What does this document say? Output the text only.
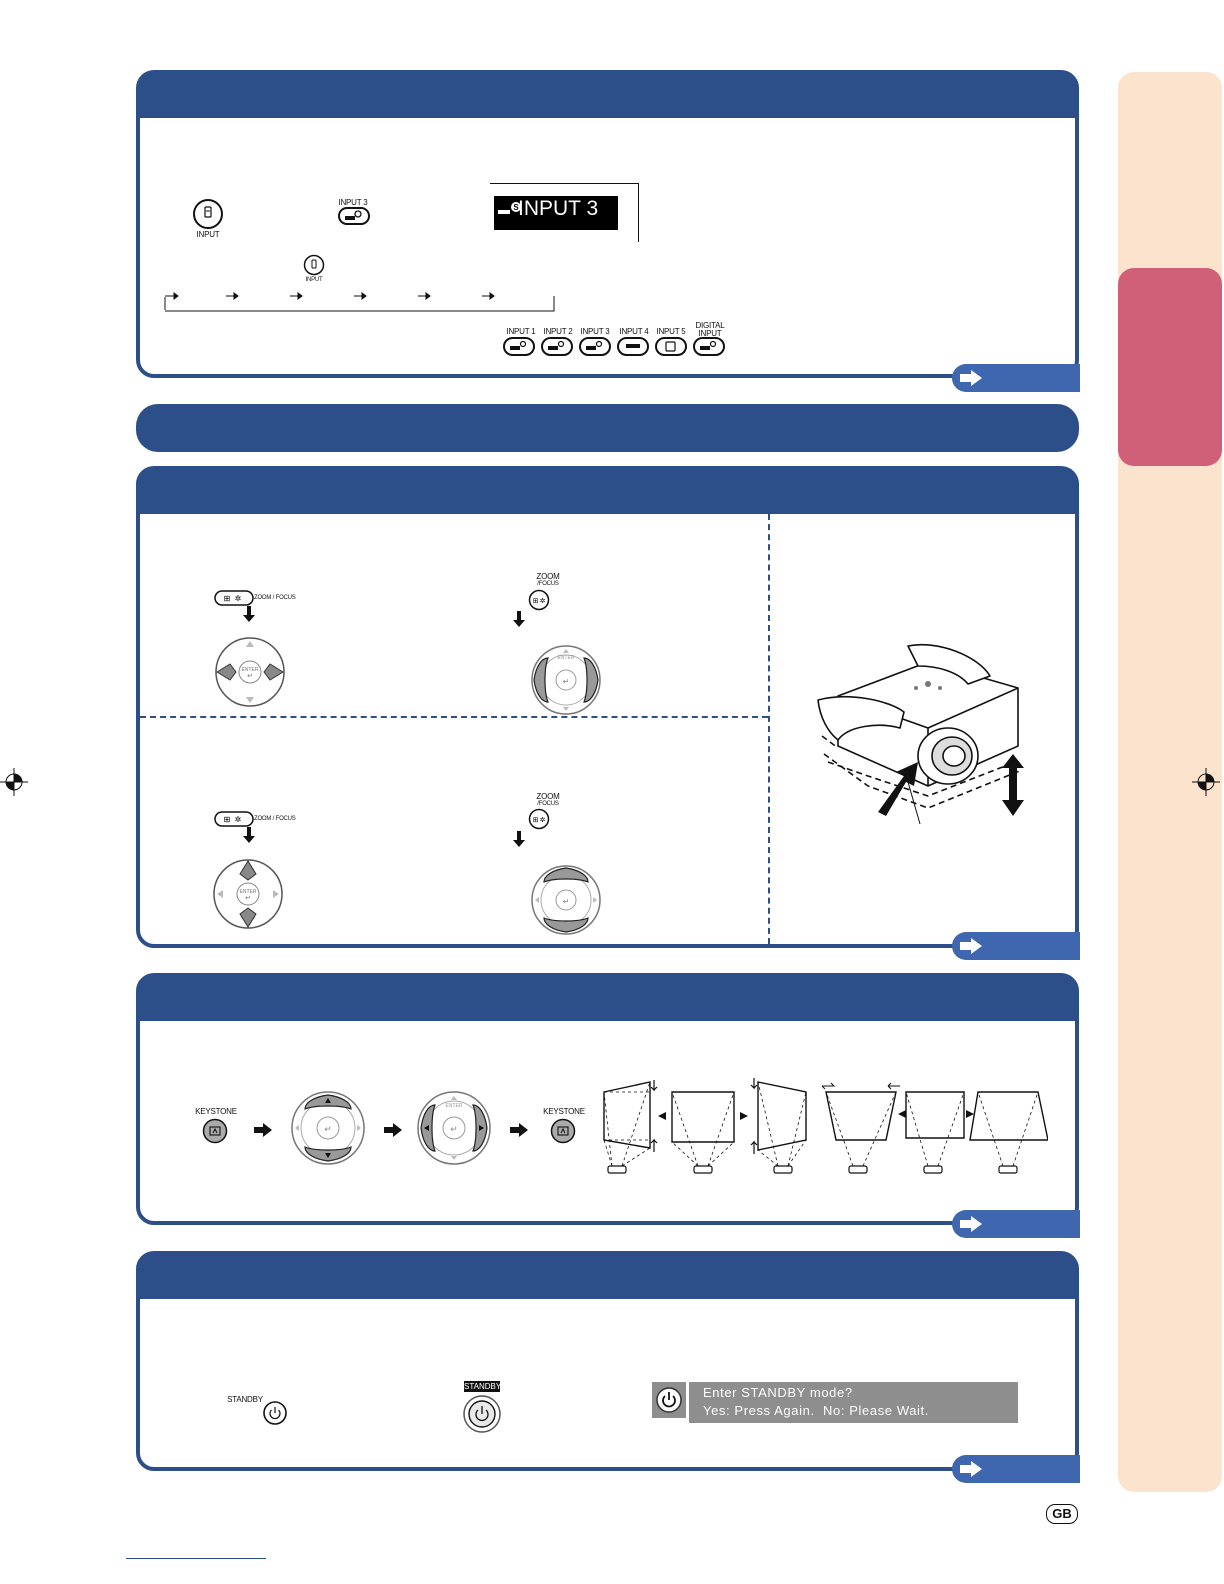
INPUT
INPUT 3
S INPUT 3
INPUT
INPUT 1 INPUT 2 INPUT 3	INPUT 4 INPUT 5
DIGITAL INPUT
⊞ ✲ ZOOM / FOCUS
ENTER
↵
ZOOM
/FOCUS
⊞ ✲
↵
ENTER
⊞ ✲ ZOOM / FOCUS
ENTER
↵
ZOOM
/FOCUS
⊞ ✲
↵
KEYSTONE
↵	↵
ENTER
KEYSTONE
STANDBY
STANDBY	Enter STANDBY mode?
Yes: Press Again.  No: Please Wait.
GB
